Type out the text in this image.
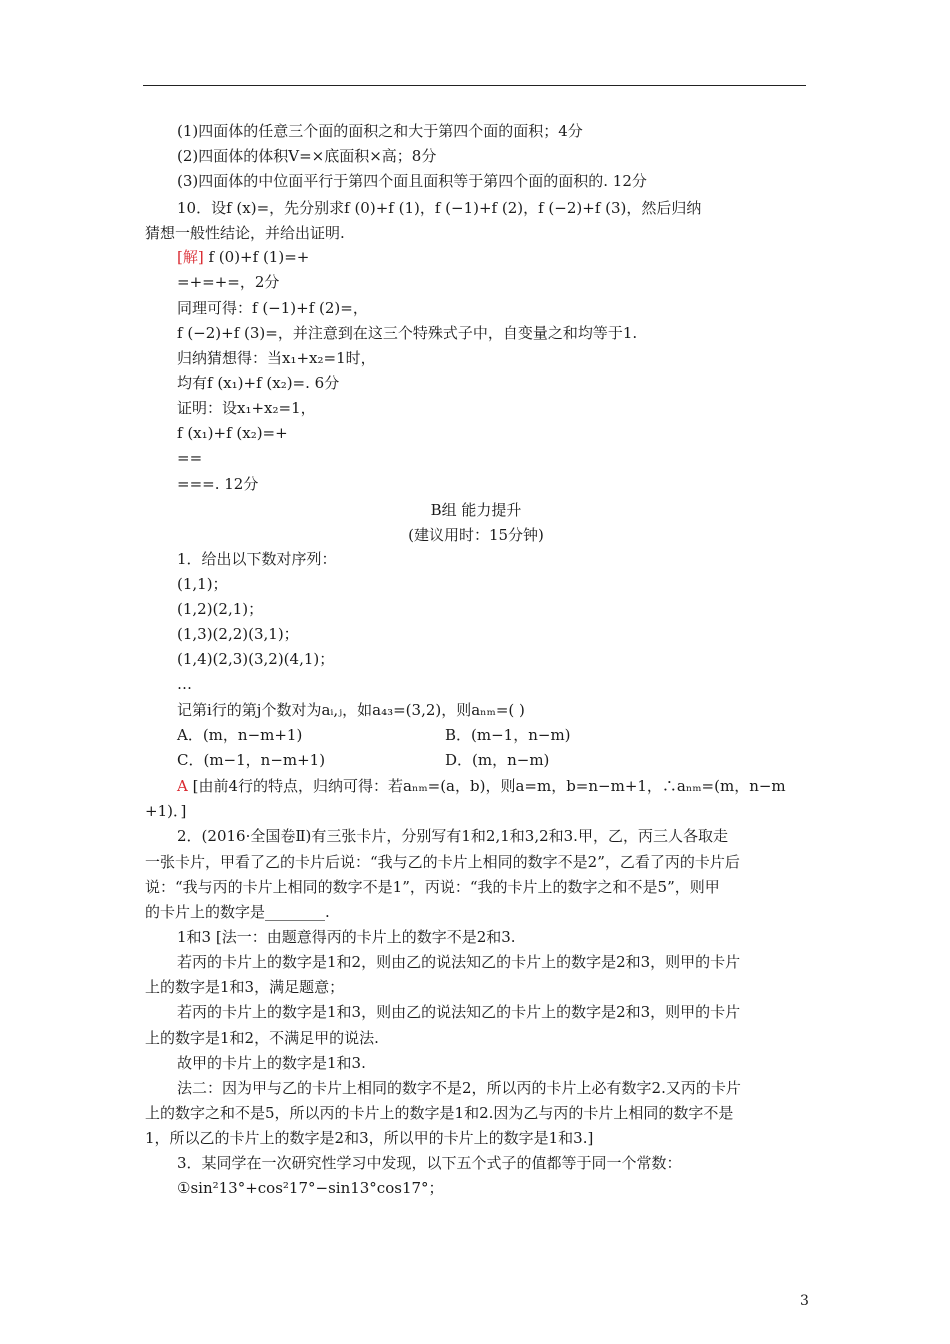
(1)四面体的任意三个面的面积之和大于第四个面的面积；4分
(2)四面体的体积V=×底面积×高；8分
(3)四面体的中位面平行于第四个面且面积等于第四个面的面积的. 12分
10．设f (x)=，先分别求f (0)+f (1)，f (−1)+f (2)，f (−2)+f (3)，然后归纳
猜想一般性结论，并给出证明.
[解] f (0)+f (1)=+
=+=+=，2分
同理可得：f (−1)+f (2)=，
f (−2)+f (3)=，并注意到在这三个特殊式子中，自变量之和均等于1.
归纳猜想得：当x₁+x₂=1时，
均有f (x₁)+f (x₂)=. 6分
证明：设x₁+x₂=1，
f (x₁)+f (x₂)=+
==
===. 12分
B组 能力提升
(建议用时：15分钟)
1．给出以下数对序列：
(1,1)；
(1,2)(2,1)；
(1,3)(2,2)(3,1)；
(1,4)(2,3)(3,2)(4,1)；
…
记第i行的第j个数对为aᵢ,ⱼ，如a₄₃=(3,2)，则aₙₘ=( )
A．(m，n−m+1)	B．(m−1，n−m)
C．(m−1，n−m+1)	D．(m，n−m)
A [由前4行的特点，归纳可得：若aₙₘ=(a，b)，则a=m，b=n−m+1，∴aₙₘ=(m，n−m
+1)．]
2．(2016·全国卷Ⅱ)有三张卡片，分别写有1和2,1和3,2和3.甲，乙，丙三人各取走
一张卡片，甲看了乙的卡片后说：“我与乙的卡片上相同的数字不是2”，乙看了丙的卡片后
说：“我与丙的卡片上相同的数字不是1”，丙说：“我的卡片上的数字之和不是5”，则甲
的卡片上的数字是________.
1和3 [法一：由题意得丙的卡片上的数字不是2和3.
若丙的卡片上的数字是1和2，则由乙的说法知乙的卡片上的数字是2和3，则甲的卡片
上的数字是1和3，满足题意；
若丙的卡片上的数字是1和3，则由乙的说法知乙的卡片上的数字是2和3，则甲的卡片
上的数字是1和2，不满足甲的说法.
故甲的卡片上的数字是1和3.
法二：因为甲与乙的卡片上相同的数字不是2，所以丙的卡片上必有数字2.又丙的卡片
上的数字之和不是5，所以丙的卡片上的数字是1和2.因为乙与丙的卡片上相同的数字不是
1，所以乙的卡片上的数字是2和3，所以甲的卡片上的数字是1和3.]
3．某同学在一次研究性学习中发现，以下五个式子的值都等于同一个常数：
①sin²13°+cos²17°−sin13°cos17°；
3
